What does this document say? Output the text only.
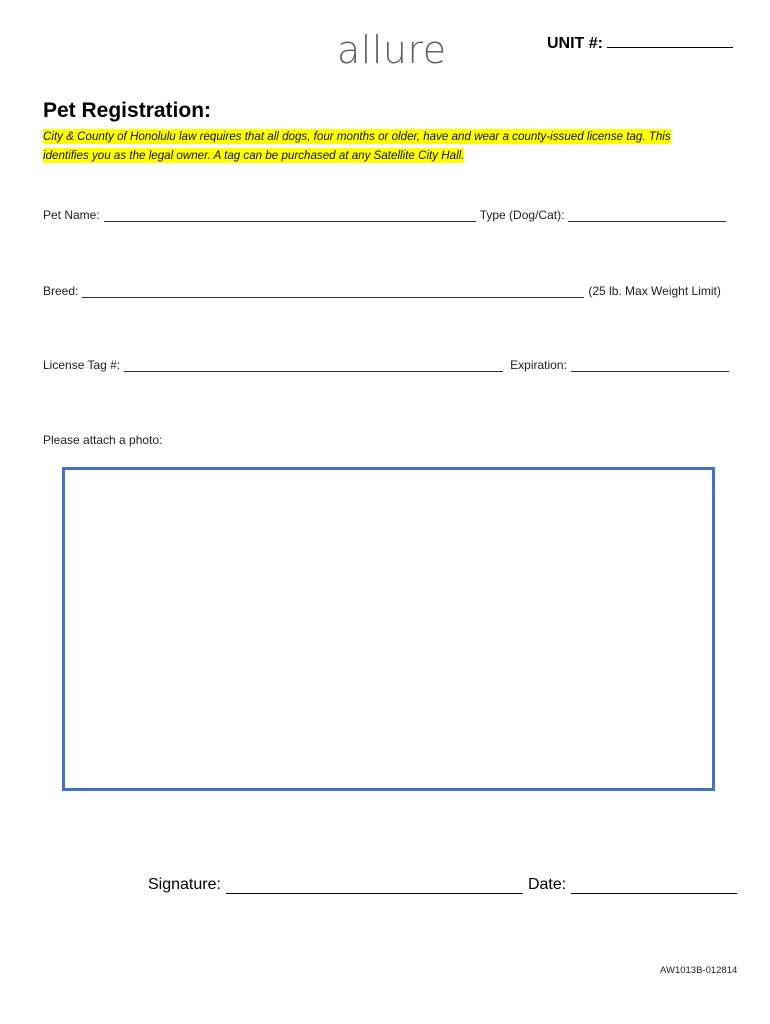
allure	UNIT #:
Pet Registration:
City & County of Honolulu law requires that all dogs, four months or older, have and wear a county-issued license tag. This
identifies you as the legal owner. A tag can be purchased at any Satellite City Hall.
Pet Name:	Type (Dog/Cat):
Breed:	(25 lb. Max Weight Limit)
License Tag #:	Expiration:
Please attach a photo:
Signature:	Date:
AW1013B-012814
